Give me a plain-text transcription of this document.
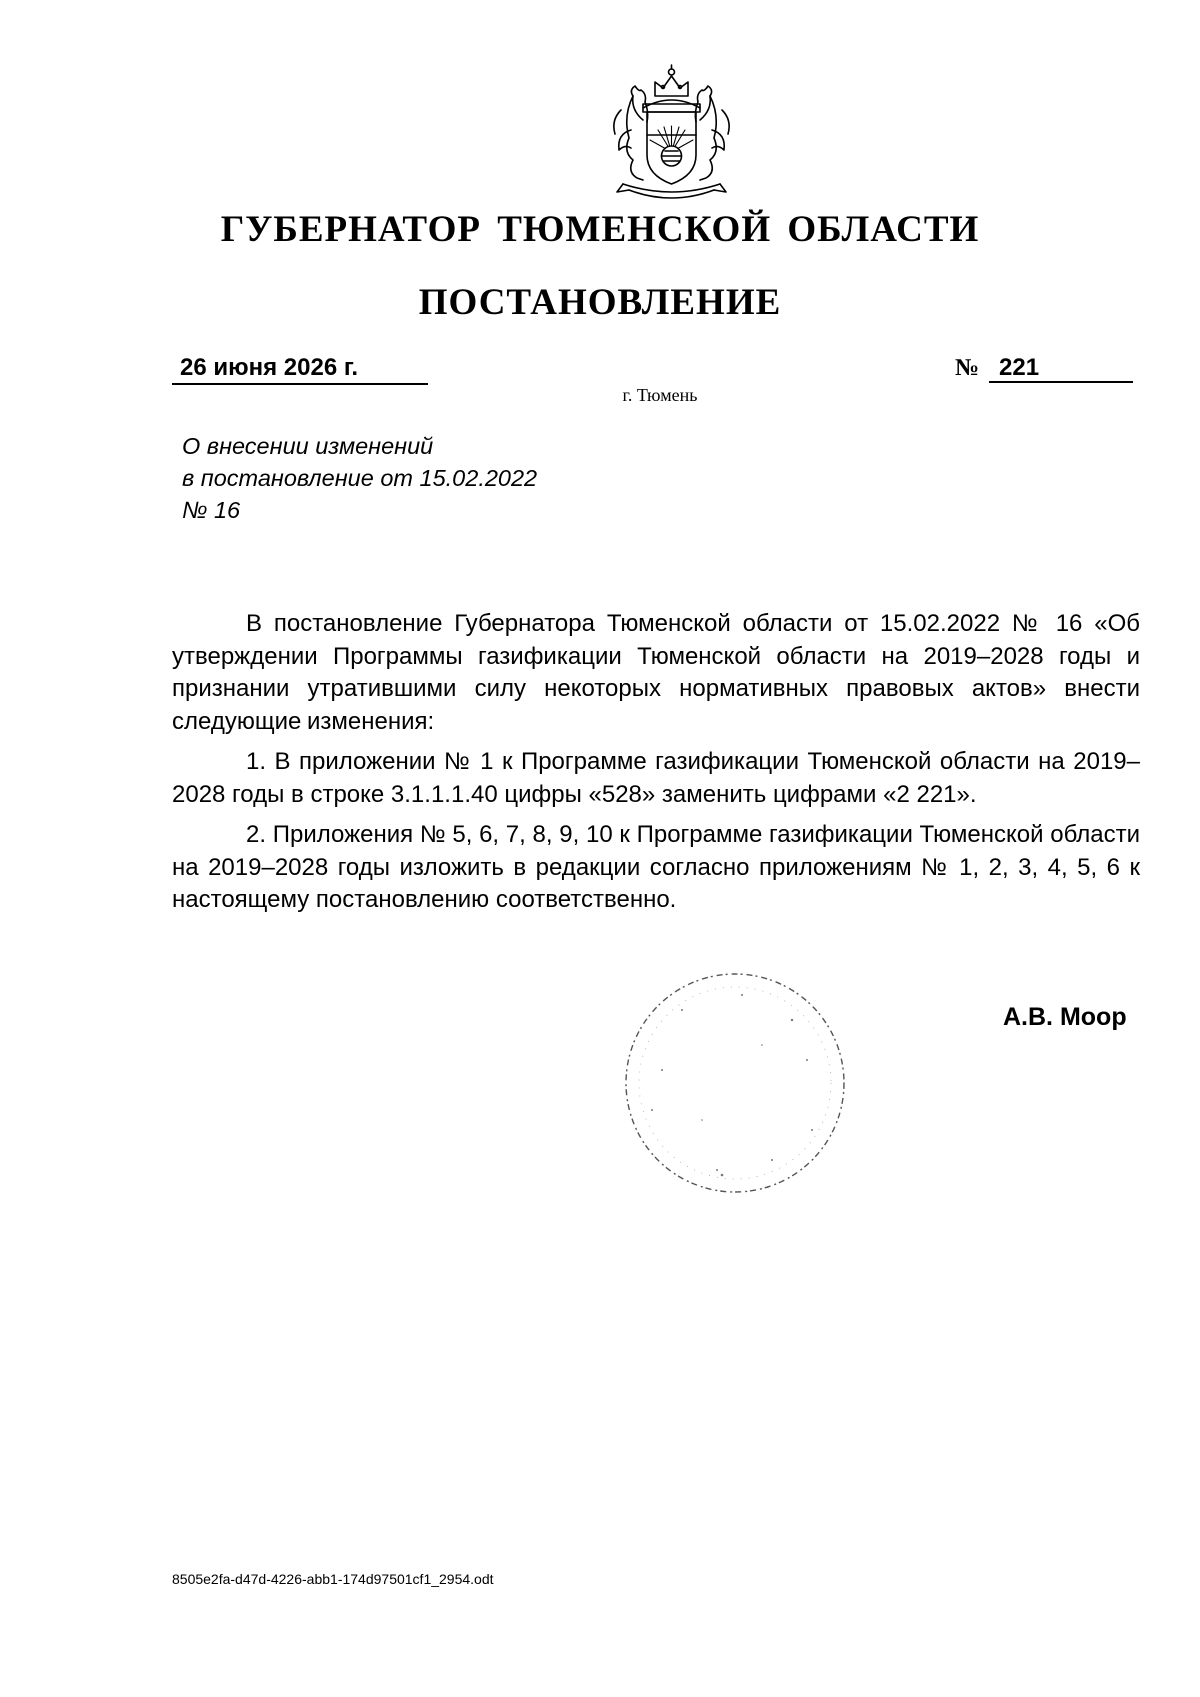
ГУБЕРНАТОР ТЮМЕНСКОЙ ОБЛАСТИ
ПОСТАНОВЛЕНИЕ
26 июня 2026 г.	№ 221
г. Тюмень
О внесении изменений
в постановление от 15.02.2022
№ 16

В постановление Губернатора Тюменской области от 15.02.2022 № 16 «Об утверждении Программы газификации Тюменской области на 2019–2028 годы и признании утратившими силу некоторых нормативных правовых актов» внести следующие изменения:

1. В приложении № 1 к Программе газификации Тюменской области на 2019–2028 годы в строке 3.1.1.1.40 цифры «528» заменить цифрами «2 221».

2. Приложения № 5, 6, 7, 8, 9, 10 к Программе газификации Тюменской области на 2019–2028 годы изложить в редакции согласно приложениям № 1, 2, 3, 4, 5, 6 к настоящему постановлению соответственно.

А.В. Моор
8505e2fa-d47d-4226-abb1-174d97501cf1_2954.odt
